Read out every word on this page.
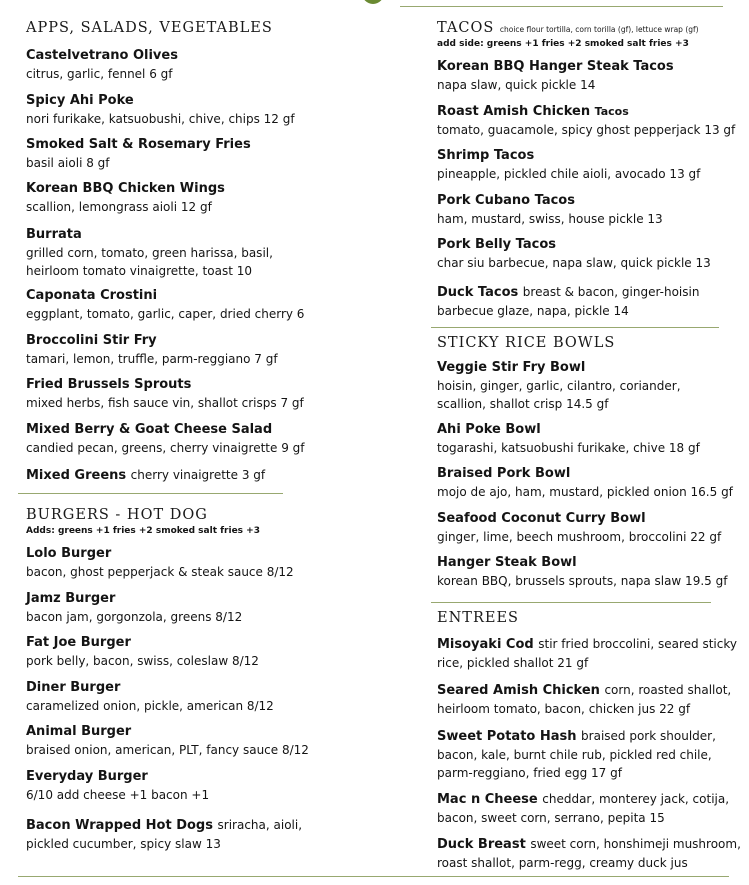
APPS, SALADS, VEGETABLES
Castelvetrano Olives
citrus, garlic, fennel 6 gf
Spicy Ahi Poke
nori furikake, katsuobushi, chive, chips 12 gf
Smoked Salt & Rosemary Fries
basil aioli 8 gf
Korean BBQ Chicken Wings
scallion, lemongrass aioli 12 gf
Burrata
grilled corn, tomato, green harissa, basil,
heirloom tomato vinaigrette, toast 10
Caponata Crostini
eggplant, tomato, garlic, caper, dried cherry 6
Broccolini Stir Fry
tamari, lemon, truffle, parm-reggiano 7 gf
Fried Brussels Sprouts
mixed herbs, fish sauce vin, shallot crisps 7 gf
Mixed Berry & Goat Cheese Salad
candied pecan, greens, cherry vinaigrette 9 gf
Mixed Greens cherry vinaigrette 3 gf
BURGERS - HOT DOG
Adds: greens +1 fries +2 smoked salt fries +3
Lolo Burger
bacon, ghost pepperjack & steak sauce 8/12
Jamz Burger
bacon jam, gorgonzola, greens 8/12
Fat Joe Burger
pork belly, bacon, swiss, coleslaw 8/12
Diner Burger
caramelized onion, pickle, american 8/12
Animal Burger
braised onion, american, PLT, fancy sauce 8/12
Everyday Burger
6/10 add cheese +1 bacon +1
Bacon Wrapped Hot Dogs sriracha, aioli,
pickled cucumber, spicy slaw 13
TACOS choice flour tortilla, corn torilla (gf), lettuce wrap (gf)
add side: greens +1 fries +2 smoked salt fries +3
Korean BBQ Hanger Steak Tacos
napa slaw, quick pickle 14
Roast Amish Chicken Tacos
tomato, guacamole, spicy ghost pepperjack 13 gf
Shrimp Tacos
pineapple, pickled chile aioli, avocado 13 gf
Pork Cubano Tacos
ham, mustard, swiss, house pickle 13
Pork Belly Tacos
char siu barbecue, napa slaw, quick pickle 13
Duck Tacos breast & bacon, ginger-hoisin
barbecue glaze, napa, pickle 14
STICKY RICE BOWLS
Veggie Stir Fry Bowl
hoisin, ginger, garlic, cilantro, coriander,
scallion, shallot crisp 14.5 gf
Ahi Poke Bowl
togarashi, katsuobushi furikake, chive 18 gf
Braised Pork Bowl
mojo de ajo, ham, mustard, pickled onion 16.5 gf
Seafood Coconut Curry Bowl
ginger, lime, beech mushroom, broccolini 22 gf
Hanger Steak Bowl
korean BBQ, brussels sprouts, napa slaw 19.5 gf
ENTREES
Misoyaki Cod stir fried broccolini, seared sticky
rice, pickled shallot 21 gf
Seared Amish Chicken corn, roasted shallot,
heirloom tomato, bacon, chicken jus 22 gf
Sweet Potato Hash braised pork shoulder,
bacon, kale, burnt chile rub, pickled red chile,
parm-reggiano, fried egg 17 gf
Mac n Cheese cheddar, monterey jack, cotija,
bacon, sweet corn, serrano, pepita 15
Duck Breast sweet corn, honshimeji mushroom,
roast shallot, parm-regg, creamy duck jus
